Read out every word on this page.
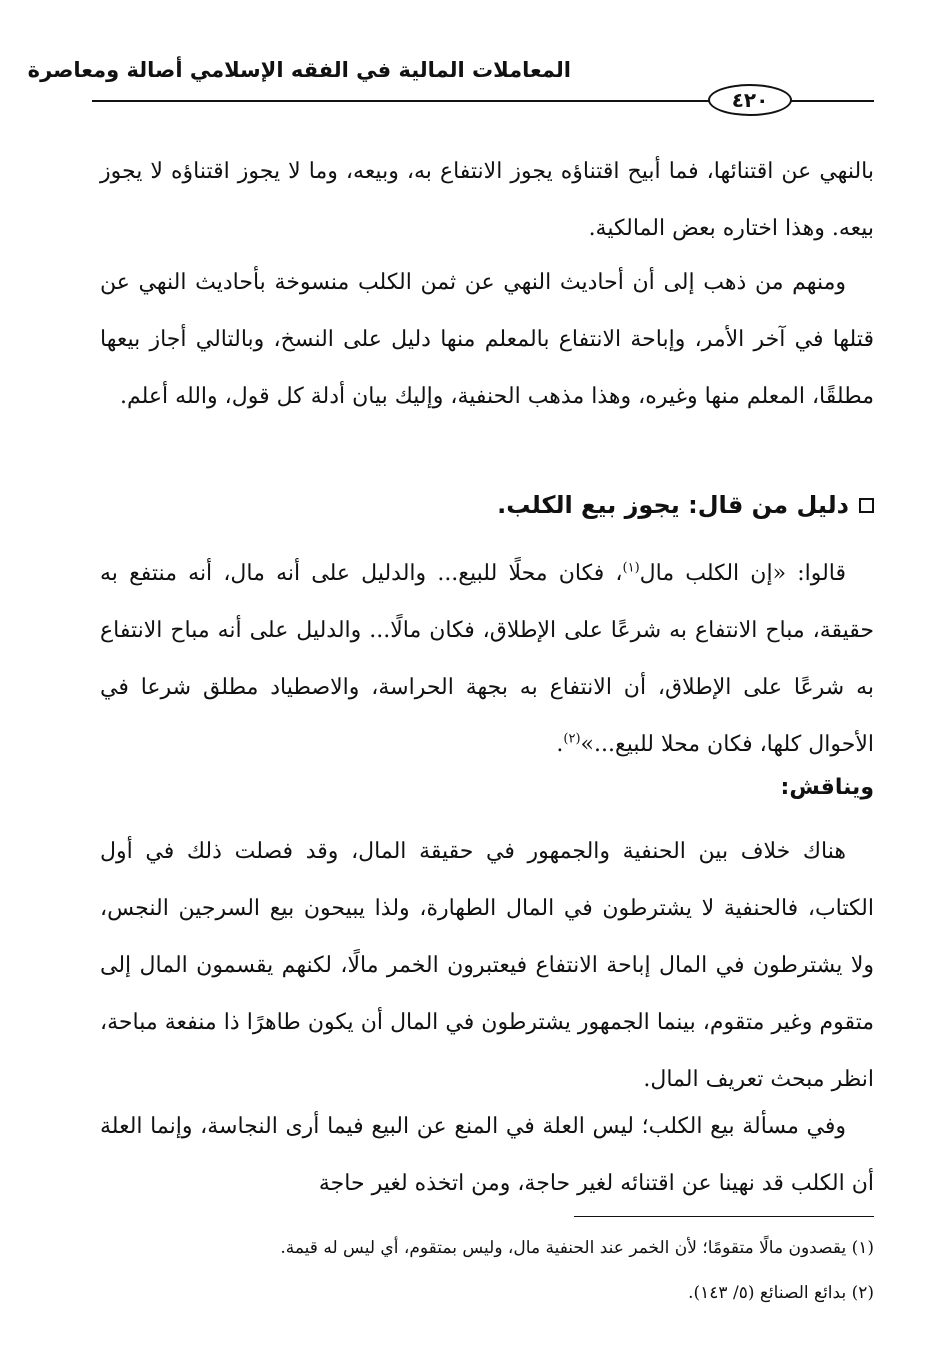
المعاملات المالية في الفقه الإسلامي أصالة ومعاصرة
٤٢٠

بالنهي عن اقتنائها، فما أبيح اقتناؤه يجوز الانتفاع به، وبيعه، وما لا يجوز اقتناؤه لا يجوز بيعه. وهذا اختاره بعض المالكية.

ومنهم من ذهب إلى أن أحاديث النهي عن ثمن الكلب منسوخة بأحاديث النهي عن قتلها في آخر الأمر، وإباحة الانتفاع بالمعلم منها دليل على النسخ، وبالتالي أجاز بيعها مطلقًا، المعلم منها وغيره، وهذا مذهب الحنفية، وإليك بيان أدلة كل قول، والله أعلم.

دليل من قال: يجوز بيع الكلب.

قالوا: «إن الكلب مال$^{(١)}$، فكان محلًا للبيع... والدليل على أنه مال، أنه منتفع به حقيقة، مباح الانتفاع به شرعًا على الإطلاق، فكان مالًا... والدليل على أنه مباح الانتفاع به شرعًا على الإطلاق، أن الانتفاع به بجهة الحراسة، والاصطياد مطلق شرعا في الأحوال كلها، فكان محلا للبيع...»$^{(٢)}$.

ويناقش:

هناك خلاف بين الحنفية والجمهور في حقيقة المال، وقد فصلت ذلك في أول الكتاب، فالحنفية لا يشترطون في المال الطهارة، ولذا يبيحون بيع السرجين النجس، ولا يشترطون في المال إباحة الانتفاع فيعتبرون الخمر مالًا، لكنهم يقسمون المال إلى متقوم وغير متقوم، بينما الجمهور يشترطون في المال أن يكون طاهرًا ذا منفعة مباحة، انظر مبحث تعريف المال.

وفي مسألة بيع الكلب؛ ليس العلة في المنع عن البيع فيما أرى النجاسة، وإنما العلة أن الكلب قد نهينا عن اقتنائه لغير حاجة، ومن اتخذه لغير حاجة

(١) يقصدون مالًا متقومًا؛ لأن الخمر عند الحنفية مال، وليس بمتقوم، أي ليس له قيمة.
(٢) بدائع الصنائع (٥/ ١٤٣).
